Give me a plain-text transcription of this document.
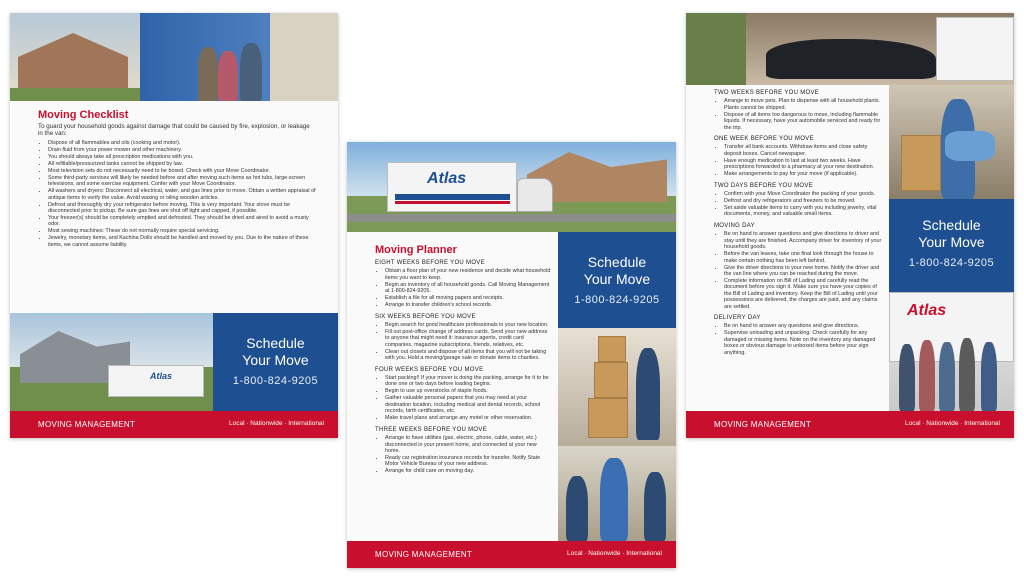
Moving Checklist
To guard your household goods against damage that could be caused by fire, explosion, or leakage in the van:
• Dispose of all flammables and oils (cooking and motor).
• Drain fluid from your power mower and other machinery.
• You should always take all prescription medications with you.
• All refillable/pressurized tanks cannot be shipped by law.
• Most television sets do not necessarily need to be boxed. Check with your Move Coordinator.
• Some third-party services will likely be needed before and after moving such items as hot tubs, large-screen televisions, and some exercise equipment. Confer with your Move Coordinator.
• All washers and dryers: Disconnect all electrical, water, and gas lines prior to move. Obtain a written appraisal of antique items to verify the value. Avoid waxing or oiling wooden articles.
• Defrost and thoroughly dry your refrigerator before moving. This is very important. Your stove must be disconnected prior to pickup. Be sure gas lines are shut off tight and capped, if possible.
• Your freezer(s) should be completely emptied and defrosted. They should be dried and aired to avoid a musty odor.
• Most sewing machines: These do not normally require special servicing.
• Jewelry, monetary items, and Kachina Dolls should be handled and moved by you. Due to the nature of these items, we cannot assume liability.
Atlas
Schedule
Your Move
1-800-824-9205
MOVING MANAGEMENT	Local · Nationwide · International
Atlas
Moving Planner
EIGHT WEEKS BEFORE YOU MOVE
• Obtain a floor plan of your new residence and decide what household items you want to keep.
• Begin an inventory of all household goods. Call Moving Management at 1-800-824-9205.
• Establish a file for all moving papers and receipts.
• Arrange to transfer children's school records.
SIX WEEKS BEFORE YOU MOVE
• Begin search for good healthcare professionals in your new location.
• Fill out post-office change of address cards. Send your new address to anyone that might need it: insurance agents, credit card companies, magazine subscriptions, friends, relatives, etc.
• Clean out closets and dispose of all items that you will not be taking with you. Hold a moving/garage sale or donate items to charities.
FOUR WEEKS BEFORE YOU MOVE
• Start packing!! If your mover is doing the packing, arrange for it to be done one or two days before loading begins.
• Begin to use up overstocks of staple foods.
• Gather valuable personal papers that you may need at your destination location, including medical and dental records, school records, birth certificates, etc.
• Make travel plans and arrange any motel or other reservation.
THREE WEEKS BEFORE YOU MOVE
• Arrange to have utilities (gas, electric, phone, cable, water, etc.) disconnected in your present home, and connected at your new home.
• Ready car registration insurance records for transfer. Notify State Motor Vehicle Bureau of your new address.
• Arrange for child care on moving day.
Schedule
Your Move
1-800-824-9205
MOVING MANAGEMENT	Local · Nationwide · International
TWO WEEKS BEFORE YOU MOVE
• Arrange to move pets. Plan to dispense with all household plants. Plants cannot be shipped.
• Dispose of all items too dangerous to move, including flammable liquids. If necessary, have your automobile serviced and ready for the trip.
ONE WEEK BEFORE YOU MOVE
• Transfer all bank accounts. Withdraw items and close safety deposit boxes. Cancel newspaper.
• Have enough medication to last at least two weeks. Have prescriptions forwarded to a pharmacy at your new destination.
• Make arrangements to pay for your move (if applicable).
TWO DAYS BEFORE YOU MOVE
• Confirm with your Move Coordinator the packing of your goods.
• Defrost and dry refrigerators and freezers to be moved.
• Set aside valuable items to carry with you including jewelry, vital documents, money, and valuable small items.
MOVING DAY
• Be on hand to answer questions and give directions to driver and stay until they are finished. Accompany driver for inventory of your household goods.
• Before the van leaves, take one final look through the house to make certain nothing has been left behind.
• Give the driver directions to your new home. Notify the driver and the van line where you can be reached during the move.
• Complete information on Bill of Lading and carefully read the document before you sign it. Make sure you have your copies of the Bill of Lading and inventory. Keep the Bill of Lading until your possessions are delivered, the charges are paid, and any claims are settled.
DELIVERY DAY
• Be on hand to answer any questions and give directions.
• Supervise unloading and unpacking. Check carefully for any damaged or missing items. Note on the inventory any damaged boxes or obvious damage to unboxed items before your sign anything.
Schedule
Your Move
1-800-824-9205
Atlas
MOVING MANAGEMENT	Local · Nationwide · International
